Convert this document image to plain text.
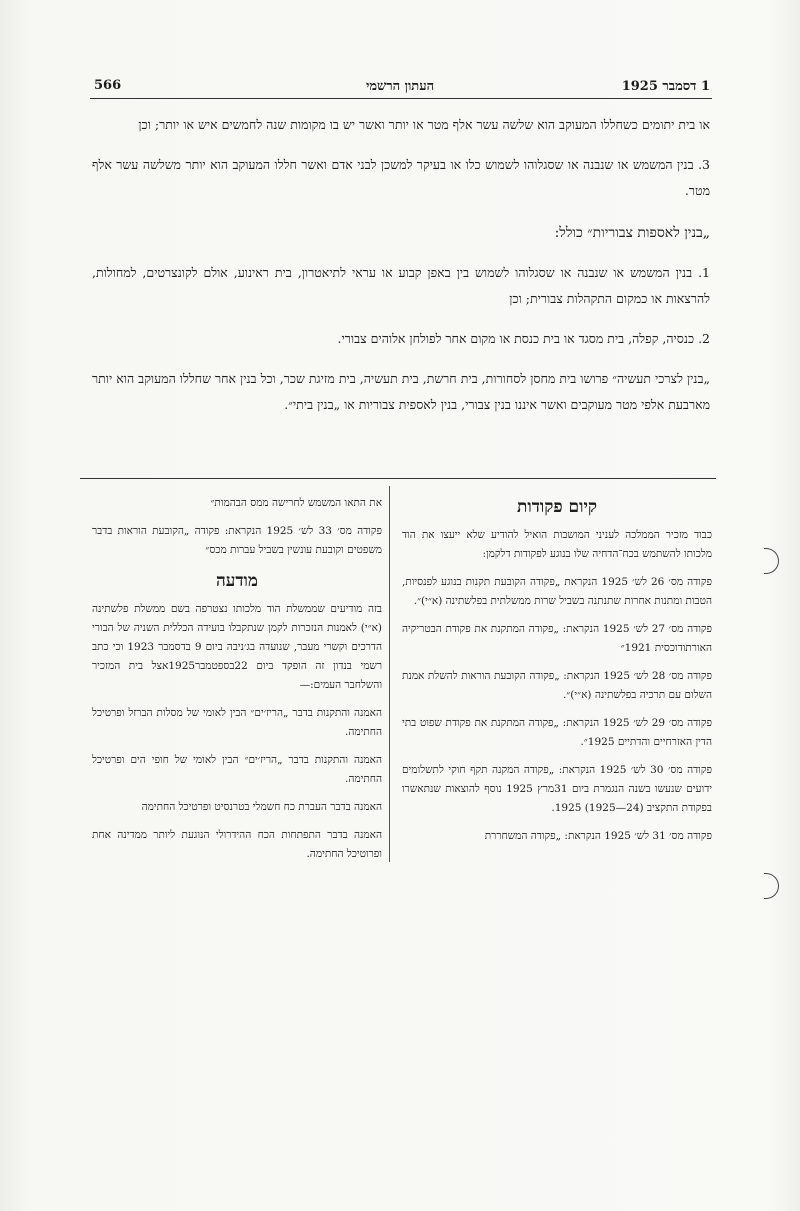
566	העתון הרשמי	1 דסמבר 1925

או בית יתומים כשחללו המעוקב הוא שלשה עשר אלף מטר או יותר ואשר יש בו מקומות שנה לחמשים איש או יותר; וכן

3. בנין המשמש או שנבנה או שסגלוהו לשמוש כלו או בעיקר למשכן לבני אדם ואשר חללו המעוקב הוא יותר משלשה עשר אלף מטר.

„בנין לאספות צבוריות״ כולל:

1. בנין המשמש או שנבנה או שסגלוהו לשמוש בין באפן קבוע או עראי לתיאטרון, בית ראינוע, אולם לקונצרטים, למחולות, להרצאות או כמקום התקהלות צבורית; וכן

2. כנסיה, קפלה, בית מסגד או בית כנסת או מקום אחר לפולחן אלוהים צבורי.

„בנין לצרכי תעשיה״ פרושו בית מחסן לסחורות, בית חרשת, בית תעשיה, בית מזיגת שכר, וכל בנין אחר שחללו המעוקב הוא יותר מארבעת אלפי מטר מעוקבים ואשר איננו בנין צבורי, בנין לאספית צבוריות או „בנין ביתי״.

קיום פקודות

כבוד מזכיר הממלכה לעניני המושבות הואיל להודיע שלא ייעצו את הוד מלכותו להשתמש בכח־הדחיה שלו בנוגע לפקודות דלקמן:

פקודה מס׳ 26 לש׳ 1925 הנקראת „פקודה הקובעת תקנות בנוגע לפנסיות, הטבות ומתנות אחרות שתנתנה בשביל שרות ממשלתית בפלשתינה (א״י)״.

פקודה מס׳ 27 לש׳ 1925 הנקראת: „פקודה המתקנת את פקודת הבטריקיה האורתודוכסית 1921״

פקודה מס׳ 28 לש׳ 1925 הנקראת: „פקודה הקובעת הוראות להשלת אמנת השלום עם תרכיה בפלשתינה (א״י)״.

פקודה מס׳ 29 לש׳ 1925 הנקראת: „פקודה המתקנת את פקודת שפוט בתי הדין האזרחיים והדתיים 1925״.

פקודה מס׳ 30 לש׳ 1925 הנקראת: „פקודה המקנה תקף חוקי לתשלומים ידועים שנעשו בשנה הנגמרת ביום 31מרץ 1925 נוסף להוצאות שנתאשרו בפקודת התקציב (24—1925) 1925.

פקודה מס׳ 31 לש׳ 1925 הנקראת: „פקודה המשחררת

את התאו המשמש לחרישה ממס הבהמות״

פקודה מס׳ 33 לש׳ 1925 הנקראת: פקודה „הקובעת הוראות בדבר משפטים וקובעת עונשין בשביל עברות מכס״

מודעה

בזה מודיעים שממשלת הוד מלכותו נצטרפה בשם ממשלת פלשתינה (א״י) לאמנות הנזכרות לקמן שנתקבלו בועידה הכללית השניה של הבורי הדרכים וקשרי מעבר, שנועדה בג׳ניבה ביום 9 בדסמבר 1923 וכי כתב רשמי בנדון זה הופקד ביום 22בספטמבר1925אצל בית המזכיר והשלחבר העמים:—

האמנה והתקנות בדבר „הריז׳ים״ הבין לאומי של מסלות הברזל ופרטיכל החתימה.

האמנה והתקנות בדבר „הריז׳ים״ הבין לאומי של חופי הים ופרטיכל החתימה.

האמנה בדבר העברת כח חשמלי בטרנסיט ופרטיכל החתימה

האמנה בדבר התפתחות הכח ההידרולי הנוגעת ליותר ממדינה אחת ופרוטיכל החתימה.
